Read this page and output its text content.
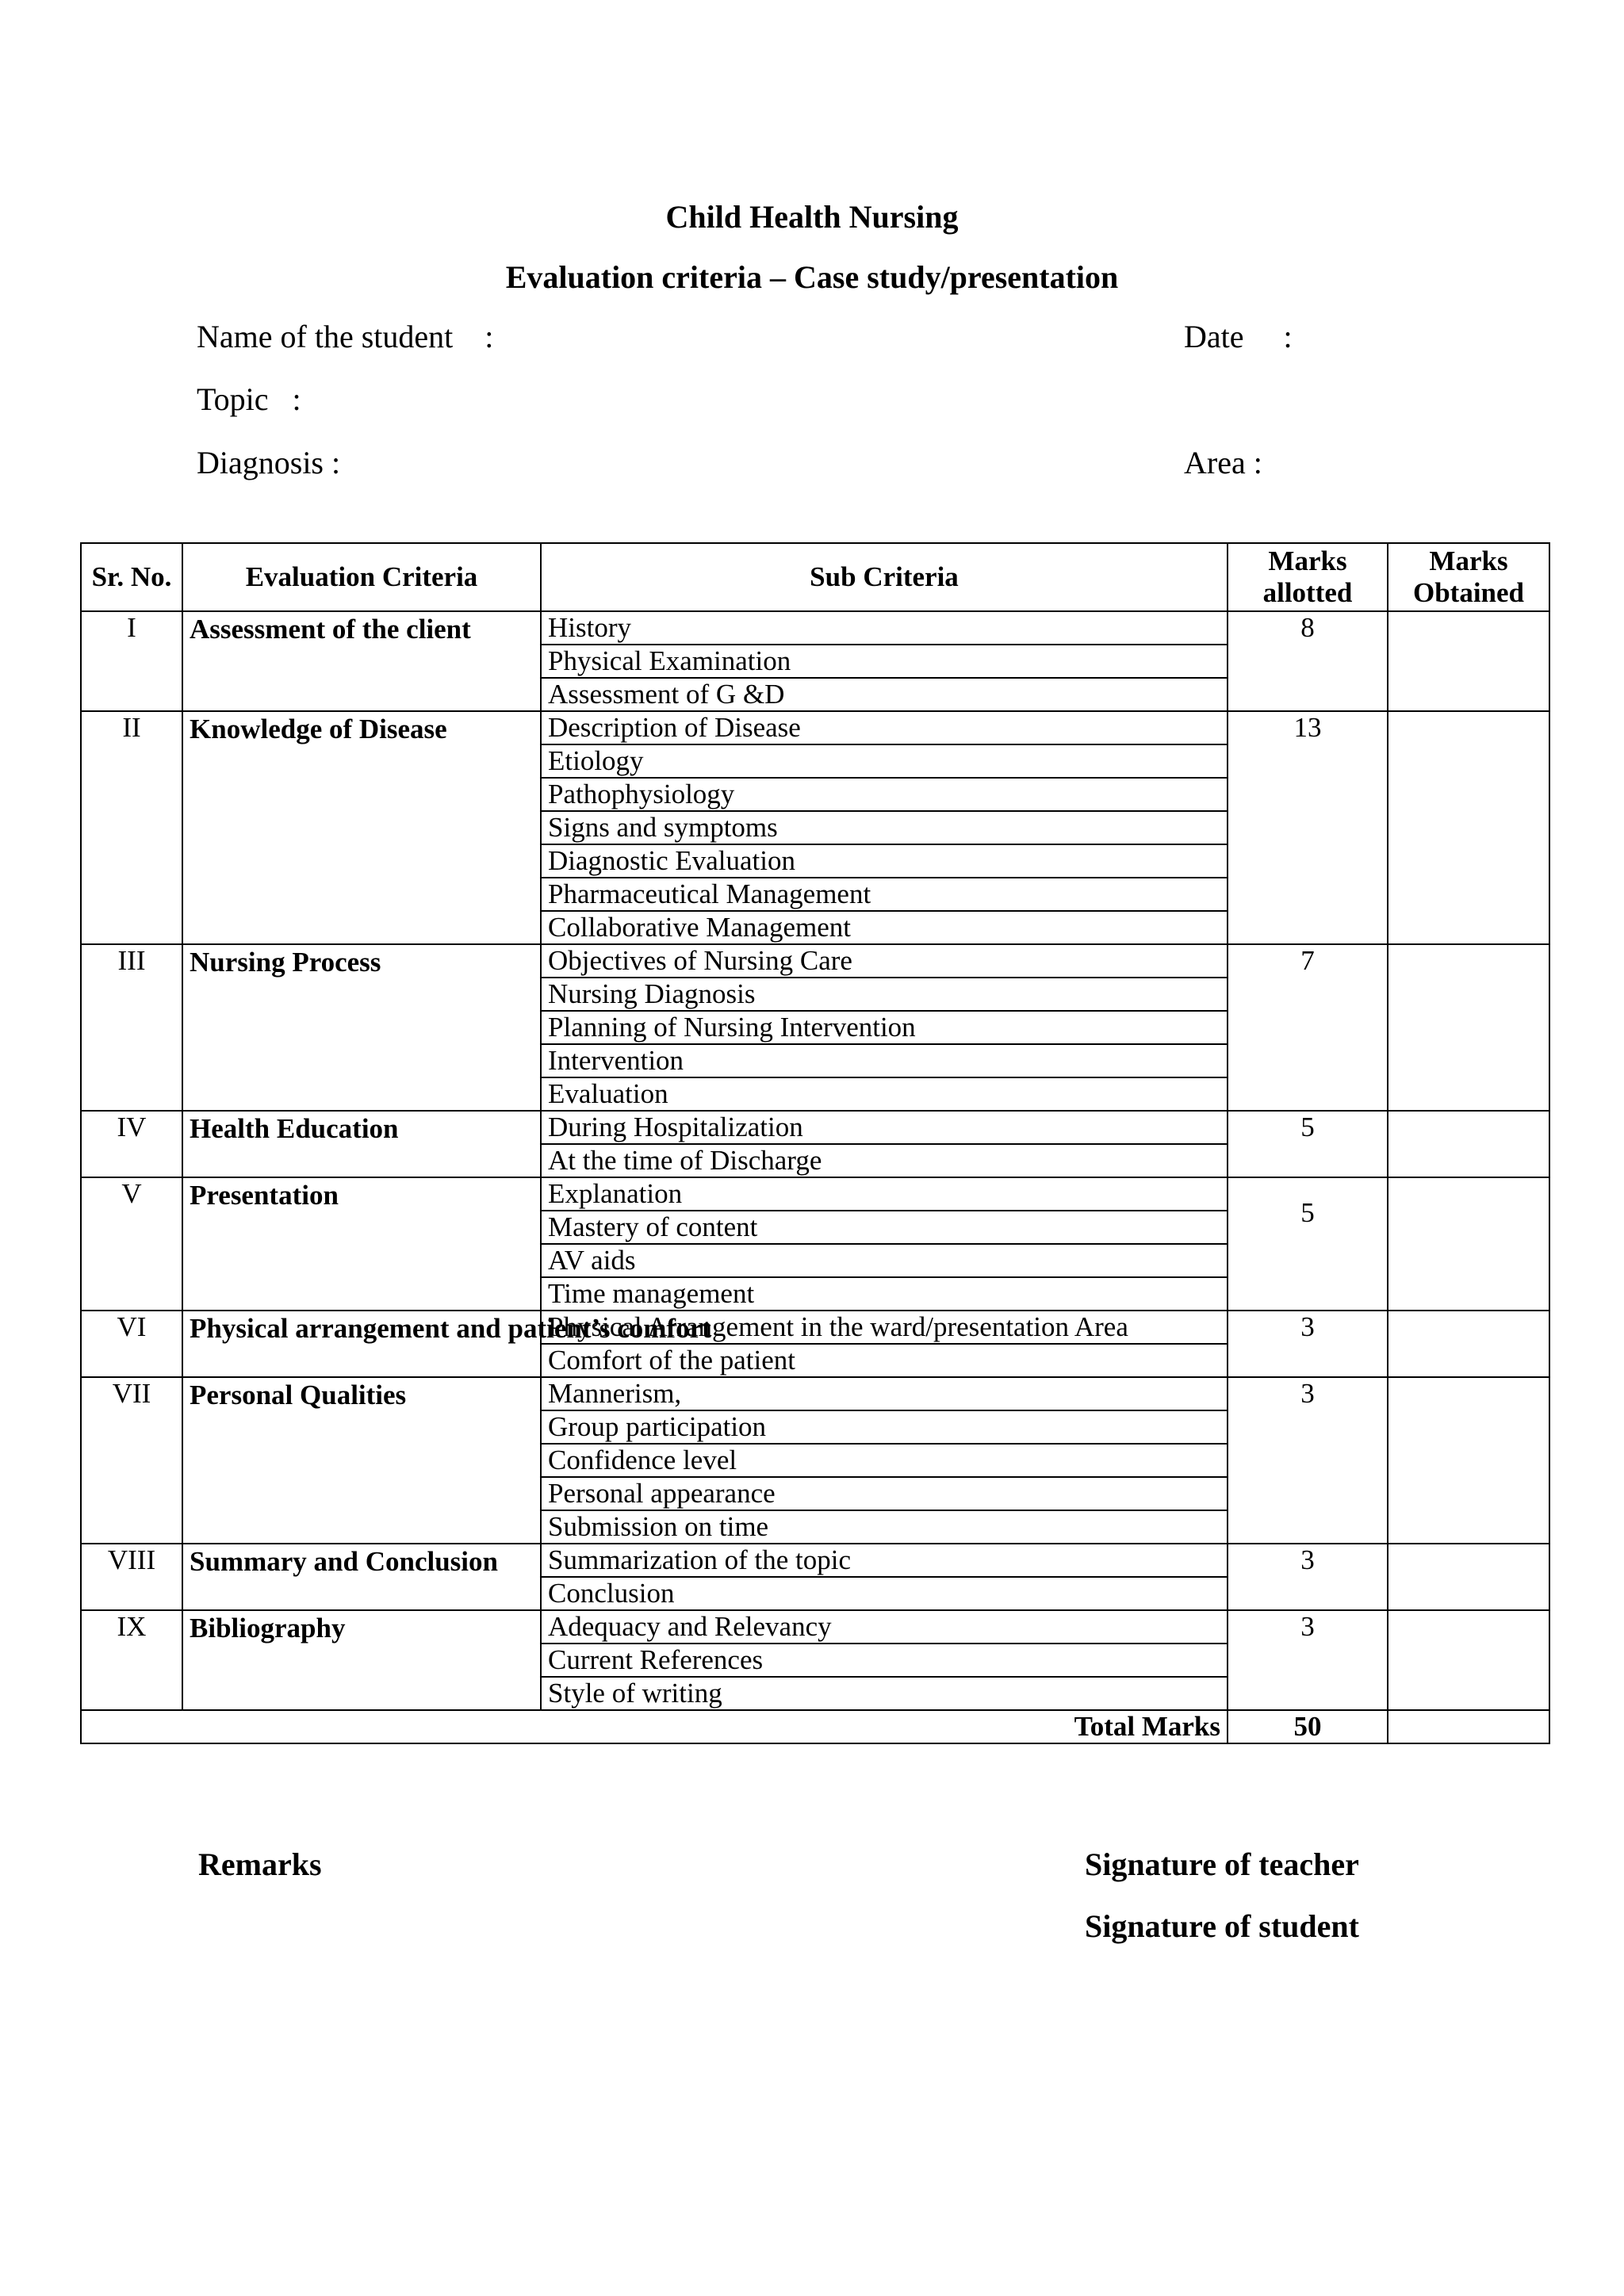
Child Health Nursing
Evaluation criteria – Case study/presentation
Name of the student    :	Date     :
Topic   :
Diagnosis :	Area :
Sr. No.	Evaluation Criteria	Sub Criteria	Marks allotted	Marks Obtained
I	Assessment of the client	History	8	
		Physical Examination		
		Assessment of G &D		
II	Knowledge of Disease	Description of Disease	13	
		Etiology		
		Pathophysiology		
		Signs and symptoms		
		Diagnostic Evaluation		
		Pharmaceutical Management		
		Collaborative Management		
III	Nursing Process	Objectives of Nursing Care	7	
		Nursing Diagnosis		
		Planning of Nursing Intervention		
		Intervention		
		Evaluation		
IV	Health Education	During Hospitalization	5	
		At the time of Discharge		
V	Presentation	Explanation	5	
		Mastery of content		
		AV aids		
		Time management		
VI	Physical arrangement and patient’s comfort	Physical Arrangement in the ward/presentation Area	3	
		Comfort of the patient		
VII	Personal Qualities	Mannerism,	3	
		Group participation		
		Confidence level		
		Personal appearance		
		Submission on time		
VIII	Summary and Conclusion	Summarization of the topic	3	
		Conclusion		
IX	Bibliography	Adequacy and Relevancy	3	
		Current References		
		Style of writing		
Total Marks			50	
Remarks	Signature of teacher
Signature of student
